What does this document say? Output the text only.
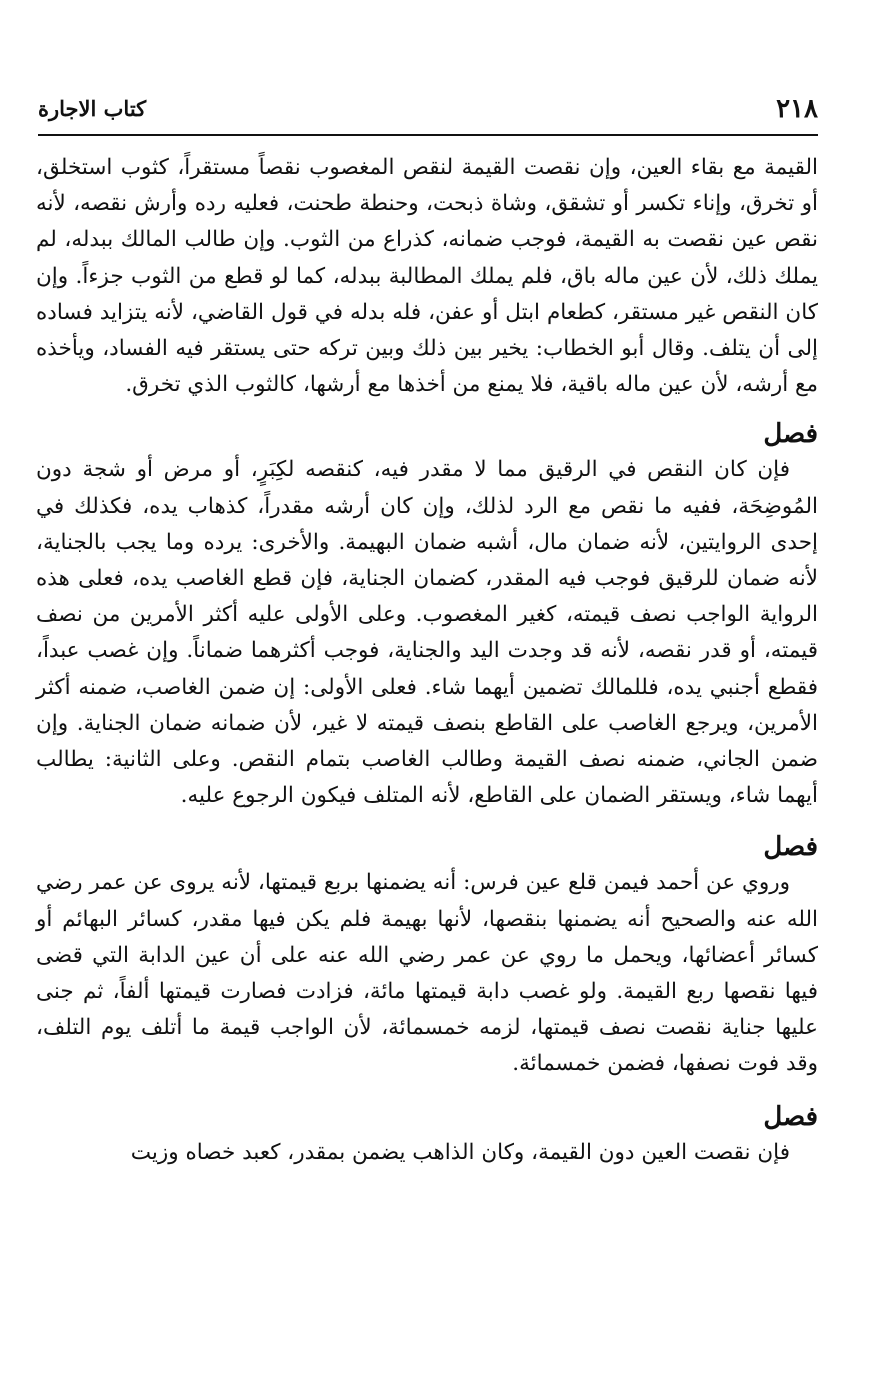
٢١٨
كتاب الاجارة

القيمة مع بقاء العين، وإن نقصت القيمة لنقص المغصوب نقصاً مستقراً، كثوب استخلق، أو تخرق، وإناء تكسر أو تشقق، وشاة ذبحت، وحنطة طحنت، فعليه رده وأرش نقصه، لأنه نقص عين نقصت به القيمة، فوجب ضمانه، كذراع من الثوب. وإن طالب المالك ببدله، لم يملك ذلك، لأن عين ماله باق، فلم يملك المطالبة ببدله، كما لو قطع من الثوب جزءاً. وإن كان النقص غير مستقر، كطعام ابتل أو عفن، فله بدله في قول القاضي، لأنه يتزايد فساده إلى أن يتلف. وقال أبو الخطاب: يخير بين ذلك وبين تركه حتى يستقر فيه الفساد، ويأخذه مع أرشه، لأن عين ماله باقية، فلا يمنع من أخذها مع أرشها، كالثوب الذي تخرق.

فصل

فإن كان النقص في الرقيق مما لا مقدر فيه، كنقصه لكِبَرٍ، أو مرض أو شجة دون المُوضِحَة، ففيه ما نقص مع الرد لذلك، وإن كان أرشه مقدراً، كذهاب يده، فكذلك في إحدى الروايتين، لأنه ضمان مال، أشبه ضمان البهيمة. والأخرى: يرده وما يجب بالجناية، لأنه ضمان للرقيق فوجب فيه المقدر، كضمان الجناية، فإن قطع الغاصب يده، فعلى هذه الرواية الواجب نصف قيمته، كغير المغصوب. وعلى الأولى عليه أكثر الأمرين من نصف قيمته، أو قدر نقصه، لأنه قد وجدت اليد والجناية، فوجب أكثرهما ضماناً. وإن غصب عبداً، فقطع أجنبي يده، فللمالك تضمين أيهما شاء. فعلى الأولى: إن ضمن الغاصب، ضمنه أكثر الأمرين، ويرجع الغاصب على القاطع بنصف قيمته لا غير، لأن ضمانه ضمان الجناية. وإن ضمن الجاني، ضمنه نصف القيمة وطالب الغاصب بتمام النقص. وعلى الثانية: يطالب أيهما شاء، ويستقر الضمان على القاطع، لأنه المتلف فيكون الرجوع عليه.

فصل

وروي عن أحمد فيمن قلع عين فرس: أنه يضمنها بربع قيمتها، لأنه يروى عن عمر رضي الله عنه والصحيح أنه يضمنها بنقصها، لأنها بهيمة فلم يكن فيها مقدر، كسائر البهائم أو كسائر أعضائها، ويحمل ما روي عن عمر رضي الله عنه على أن عين الدابة التي قضى فيها نقصها ربع القيمة. ولو غصب دابة قيمتها مائة، فزادت فصارت قيمتها ألفاً، ثم جنى عليها جناية نقصت نصف قيمتها، لزمه خمسمائة، لأن الواجب قيمة ما أتلف يوم التلف، وقد فوت نصفها، فضمن خمسمائة.

فصل

فإن نقصت العين دون القيمة، وكان الذاهب يضمن بمقدر، كعبد خصاه وزيت
